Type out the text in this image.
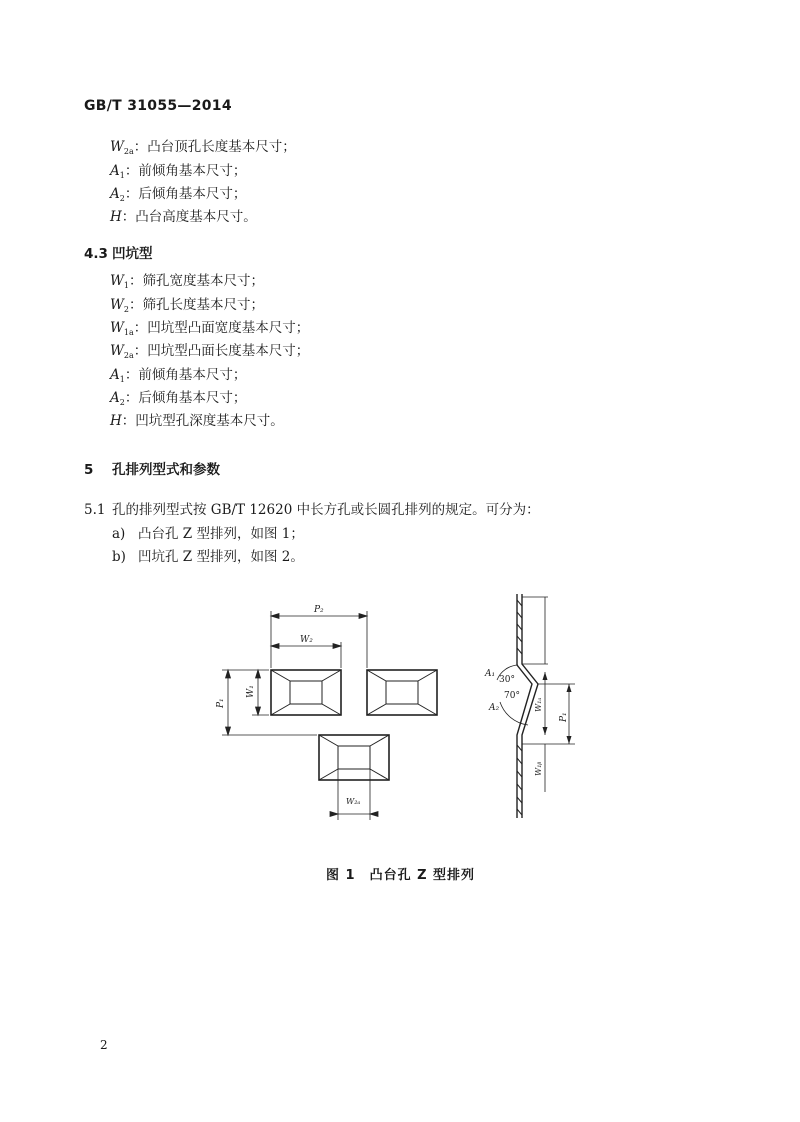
GB/T 31055—2014
$W_{2a}$：凸台顶孔长度基本尺寸；
$A_1$：前倾角基本尺寸；
$A_2$：后倾角基本尺寸；
H：凸台高度基本尺寸。
4.3 凹坑型
$W_1$：筛孔宽度基本尺寸；
$W_2$：筛孔长度基本尺寸；
$W_{1a}$：凹坑型凸面宽度基本尺寸；
$W_{2a}$：凹坑型凸面长度基本尺寸；
$A_1$：前倾角基本尺寸；
$A_2$：后倾角基本尺寸；
H：凹坑型孔深度基本尺寸。
5 孔排列型式和参数
5.1 孔的排列型式按 GB/T 12620 中长方孔或长圆孔排列的规定。可分为：
a) 凸台孔 Z 型排列，如图 1；
b) 凹坑孔 Z 型排列，如图 2。
P₂
W₂
P₁
W₁
W₂ₐ
A₁
A₂
30°
70°
P₁
W₁ₐ
W₁ᵦ
图 1　凸台孔 Z 型排列
2
